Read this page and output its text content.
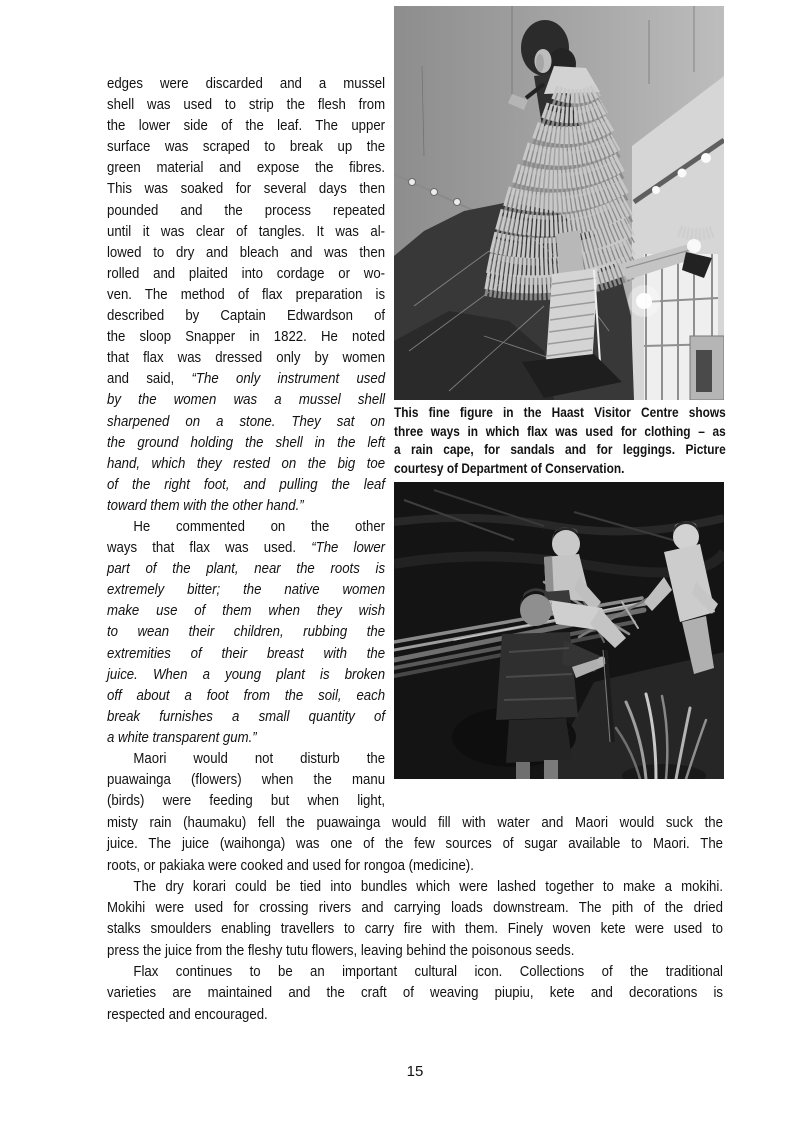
edges were discarded and a mussel
shell was used to strip the flesh from
the lower side of the leaf. The upper
surface was scraped to break up the
green material and expose the fibres.
This was soaked for several days then
pounded and the process repeated
until it was clear of tangles. It was al-
lowed to dry and bleach and was then
rolled and plaited into cordage or wo-
ven. The method of flax preparation is
described by Captain Edwardson of
the sloop Snapper in 1822. He noted
that flax was dressed only by women
and said, “The only instrument used
by the women was a mussel shell
sharpened on a stone. They sat on
the ground holding the shell in the left
hand, which they rested on the big toe
of the right foot, and pulling the leaf
toward them with the other hand.”
He commented on the other
ways that flax was used. “The lower
part of the plant, near the roots is
extremely bitter; the native women
make use of them when they wish
to wean their children, rubbing the
extremities of their breast with the
juice. When a young plant is broken
off about a foot from the soil, each
break furnishes a small quantity of
a white transparent gum.”
Maori would not disturb the
puawainga (flowers) when the manu
(birds) were feeding but when light,
This fine figure in the Haast Visitor Centre shows
three ways in which flax was used for clothing – as
a rain cape, for sandals and for leggings. Picture
courtesy of Department of Conservation.
misty rain (haumaku) fell the puawainga would fill with water and Maori would suck the
juice. The juice (waihonga) was one of the few sources of sugar available to Maori. The
roots, or pakiaka were cooked and used for rongoa (medicine).
The dry korari could be tied into bundles which were lashed together to make a mokihi.
Mokihi were used for crossing rivers and carrying loads downstream. The pith of the dried
stalks smoulders enabling travellers to carry fire with them. Finely woven kete were used to
press the juice from the fleshy tutu flowers, leaving behind the poisonous seeds.
Flax continues to be an important cultural icon. Collections of the traditional
varieties are maintained and the craft of weaving piupiu, kete and decorations is
respected and encouraged.
15
